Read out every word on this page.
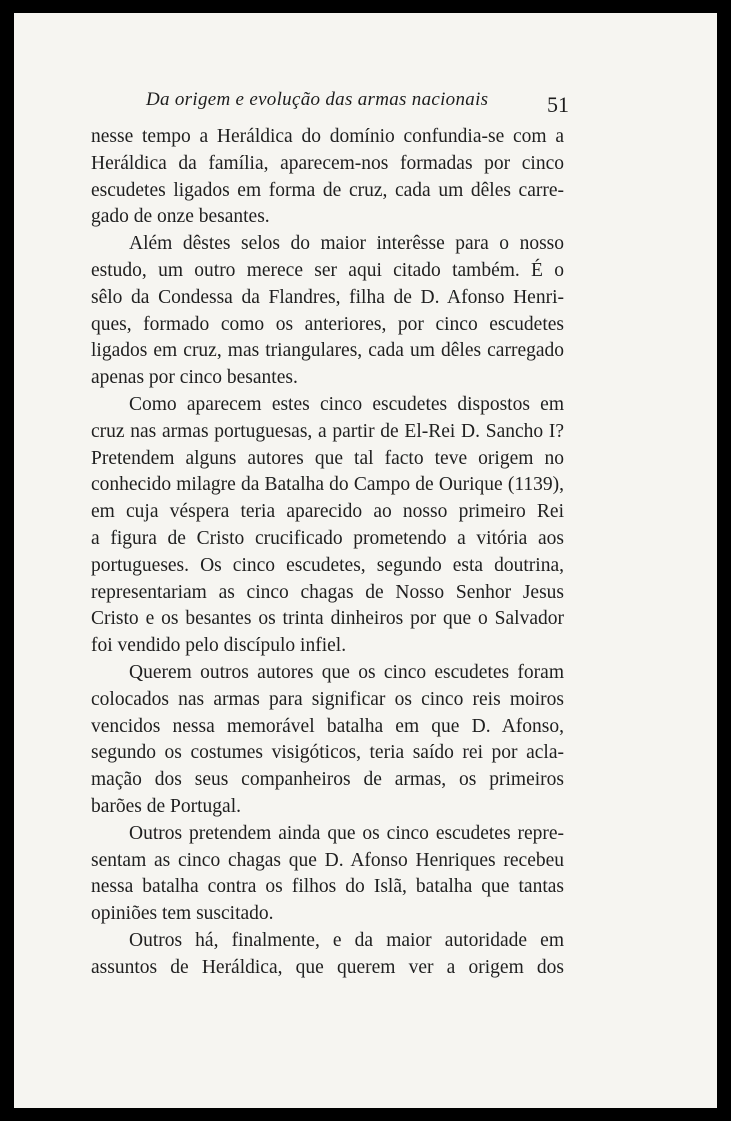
Da origem e evolução das armas nacionais	51
nesse tempo a Heráldica do domínio confundia-se com a
Heráldica da família, aparecem-nos formadas por cinco
escudetes ligados em forma de cruz, cada um dêles carre-
gado de onze besantes.
Além dêstes selos do maior interêsse para o nosso
estudo, um outro merece ser aqui citado também. É o
sêlo da Condessa da Flandres, filha de D. Afonso Henri-
ques, formado como os anteriores, por cinco escudetes
ligados em cruz, mas triangulares, cada um dêles carregado
apenas por cinco besantes.
Como aparecem estes cinco escudetes dispostos em
cruz nas armas portuguesas, a partir de El-Rei D. Sancho I?
Pretendem alguns autores que tal facto teve origem no
conhecido milagre da Batalha do Campo de Ourique (1139),
em cuja véspera teria aparecido ao nosso primeiro Rei
a figura de Cristo crucificado prometendo a vitória aos
portugueses. Os cinco escudetes, segundo esta doutrina,
representariam as cinco chagas de Nosso Senhor Jesus
Cristo e os besantes os trinta dinheiros por que o Salvador
foi vendido pelo discípulo infiel.
Querem outros autores que os cinco escudetes foram
colocados nas armas para significar os cinco reis moiros
vencidos nessa memorável batalha em que D. Afonso,
segundo os costumes visigóticos, teria saído rei por acla-
mação dos seus companheiros de armas, os primeiros
barões de Portugal.
Outros pretendem ainda que os cinco escudetes repre-
sentam as cinco chagas que D. Afonso Henriques recebeu
nessa batalha contra os filhos do Islã, batalha que tantas
opiniões tem suscitado.
Outros há, finalmente, e da maior autoridade em
assuntos de Heráldica, que querem ver a origem dos
